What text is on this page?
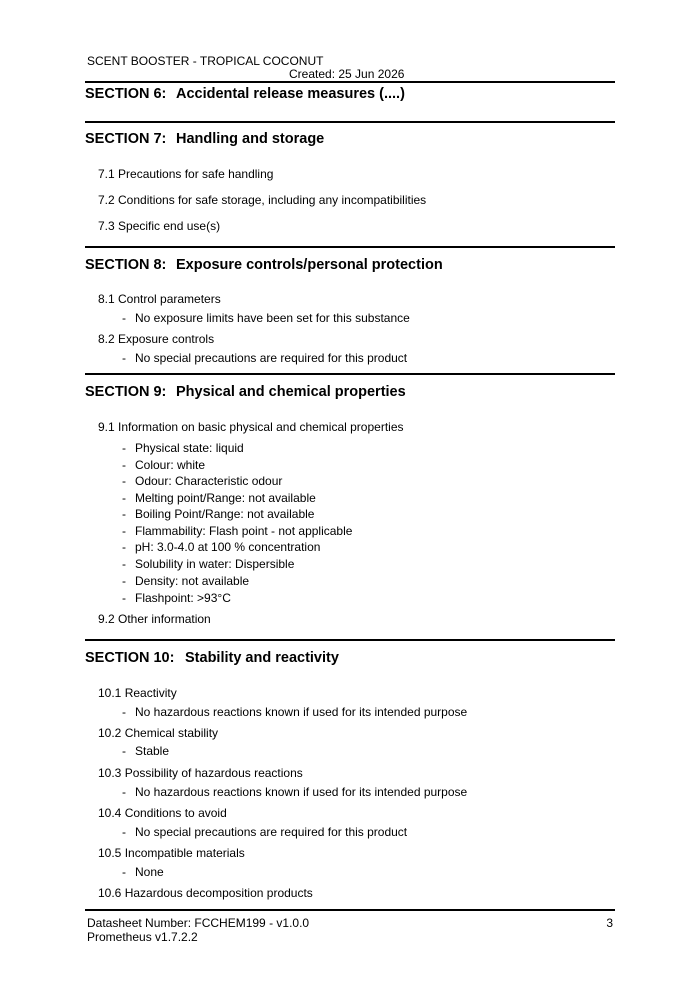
SCENT BOOSTER - TROPICAL COCONUT
Created: 25 Jun 2026
SECTION 6: Accidental release measures (....)
SECTION 7: Handling and storage
7.1 Precautions for safe handling
7.2 Conditions for safe storage, including any incompatibilities
7.3 Specific end use(s)
SECTION 8: Exposure controls/personal protection
8.1 Control parameters
- No exposure limits have been set for this substance
8.2 Exposure controls
- No special precautions are required for this product
SECTION 9: Physical and chemical properties
9.1 Information on basic physical and chemical properties
- Physical state: liquid
- Colour: white
- Odour: Characteristic odour
- Melting point/Range: not available
- Boiling Point/Range: not available
- Flammability: Flash point - not applicable
- pH: 3.0-4.0 at 100 % concentration
- Solubility in water: Dispersible
- Density: not available
- Flashpoint: >93°C
9.2 Other information
SECTION 10: Stability and reactivity
10.1 Reactivity
- No hazardous reactions known if used for its intended purpose
10.2 Chemical stability
- Stable
10.3 Possibility of hazardous reactions
- No hazardous reactions known if used for its intended purpose
10.4 Conditions to avoid
- No special precautions are required for this product
10.5 Incompatible materials
- None
10.6 Hazardous decomposition products
Datasheet Number: FCCHEM199 - v1.0.0
Prometheus v1.7.2.2
3
